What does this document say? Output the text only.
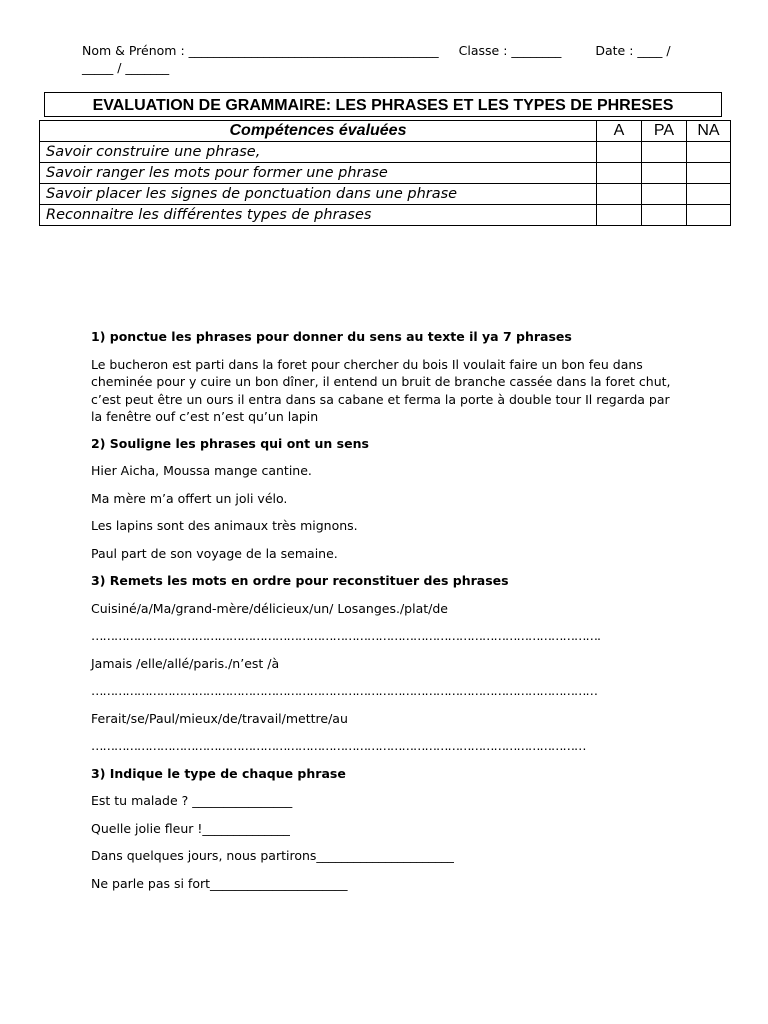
Nom & Prénom : ________________________________________ Classe : ________	Date : ____ /
_____ / _______
EVALUATION DE GRAMMAIRE: LES PHRASES ET LES TYPES DE PHRESES
Compétences évaluées	A	PA	NA
Savoir construire une phrase,			
Savoir ranger les mots pour former une phrase			
Savoir placer les signes de ponctuation dans une phrase			
Reconnaitre les différentes types de phrases			

1) ponctue les phrases pour donner du sens au texte il ya 7 phrases

Le bucheron est parti dans la foret pour chercher du bois Il voulait faire un bon feu dans cheminée pour y cuire un bon dîner, il entend un bruit de branche cassée dans la foret chut, c’est peut être un ours il entra dans sa cabane et ferma la porte à double tour Il regarda par la fenêtre ouf c’est n’est qu’un lapin

2) Souligne les phrases qui ont un sens

Hier Aicha, Moussa mange cantine.

Ma mère m’a offert un joli vélo.

Les lapins sont des animaux très mignons.

Paul part de son voyage de la semaine.

3) Remets les mots en ordre pour reconstituer des phrases

Cuisiné/a/Ma/grand-mère/délicieux/un/ Losanges./plat/de

…………………………………………………………………………………………………………………….

Jamais /elle/allé/paris./n’est /à

……………………………………………………………………………………………………………………

Ferait/se/Paul/mieux/de/travail/mettre/au

…………………………………………………………………………………………………………………

3) Indique le type de chaque phrase

Est tu malade ? ________________

Quelle jolie fleur !______________

Dans quelques jours, nous partirons______________________

Ne parle pas si fort______________________
